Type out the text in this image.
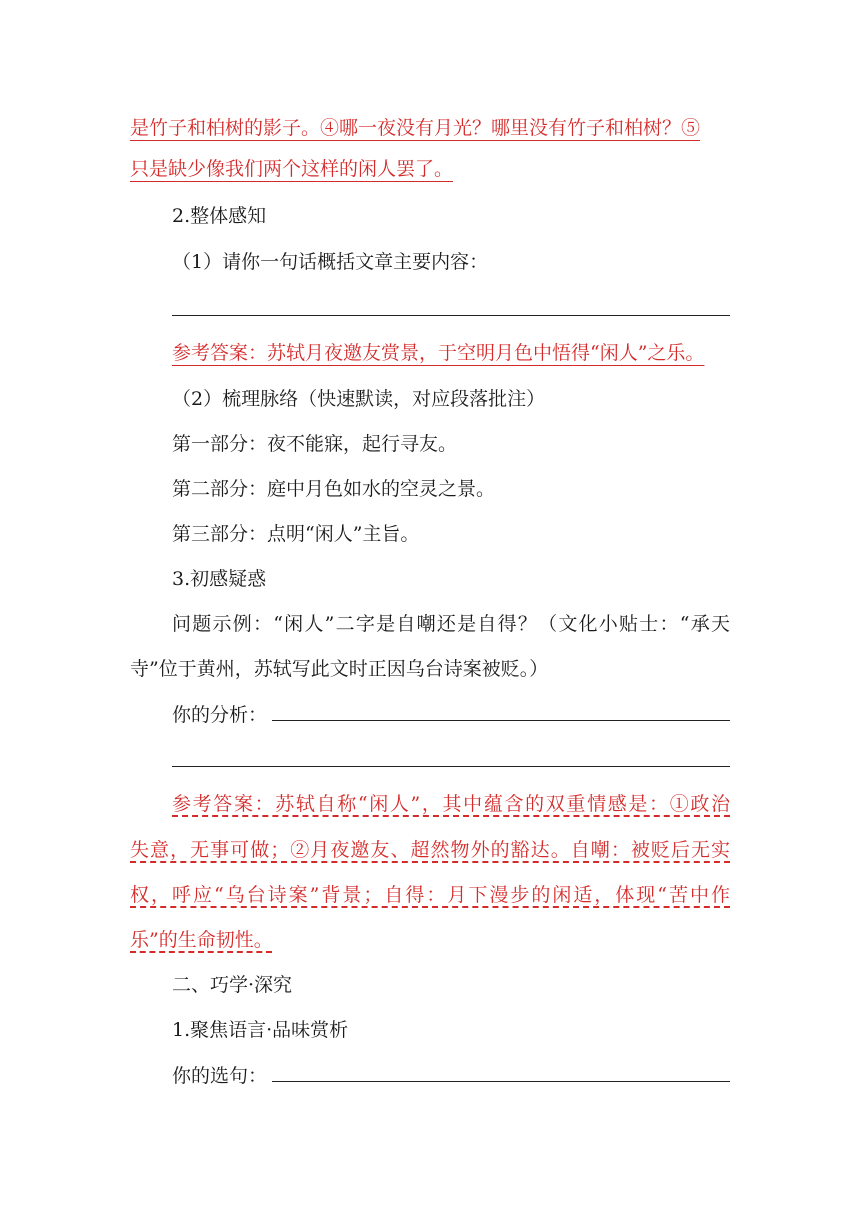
是竹子和柏树的影子。④哪一夜没有月光？哪里没有竹子和柏树？⑤
只是缺少像我们两个这样的闲人罢了。
2.整体感知
（1）请你一句话概括文章主要内容：
参考答案：苏轼月夜邀友赏景，于空明月色中悟得“闲人”之乐。
（2）梳理脉络（快速默读，对应段落批注）
第一部分：夜不能寐，起行寻友。
第二部分：庭中月色如水的空灵之景。
第三部分：点明“闲人”主旨。
3.初感疑惑
问题示例：“闲人”二字是自嘲还是自得？（文化小贴士：“承天
寺”位于黄州，苏轼写此文时正因乌台诗案被贬。）
你的分析：
参考答案：苏轼自称“闲人”，其中蕴含的双重情感是：①政治
失意，无事可做；②月夜邀友、超然物外的豁达。自嘲：被贬后无实
权，呼应“乌台诗案”背景；自得：月下漫步的闲适，体现“苦中作
乐”的生命韧性。
二、巧学·深究
1.聚焦语言·品味赏析
你的选句：
